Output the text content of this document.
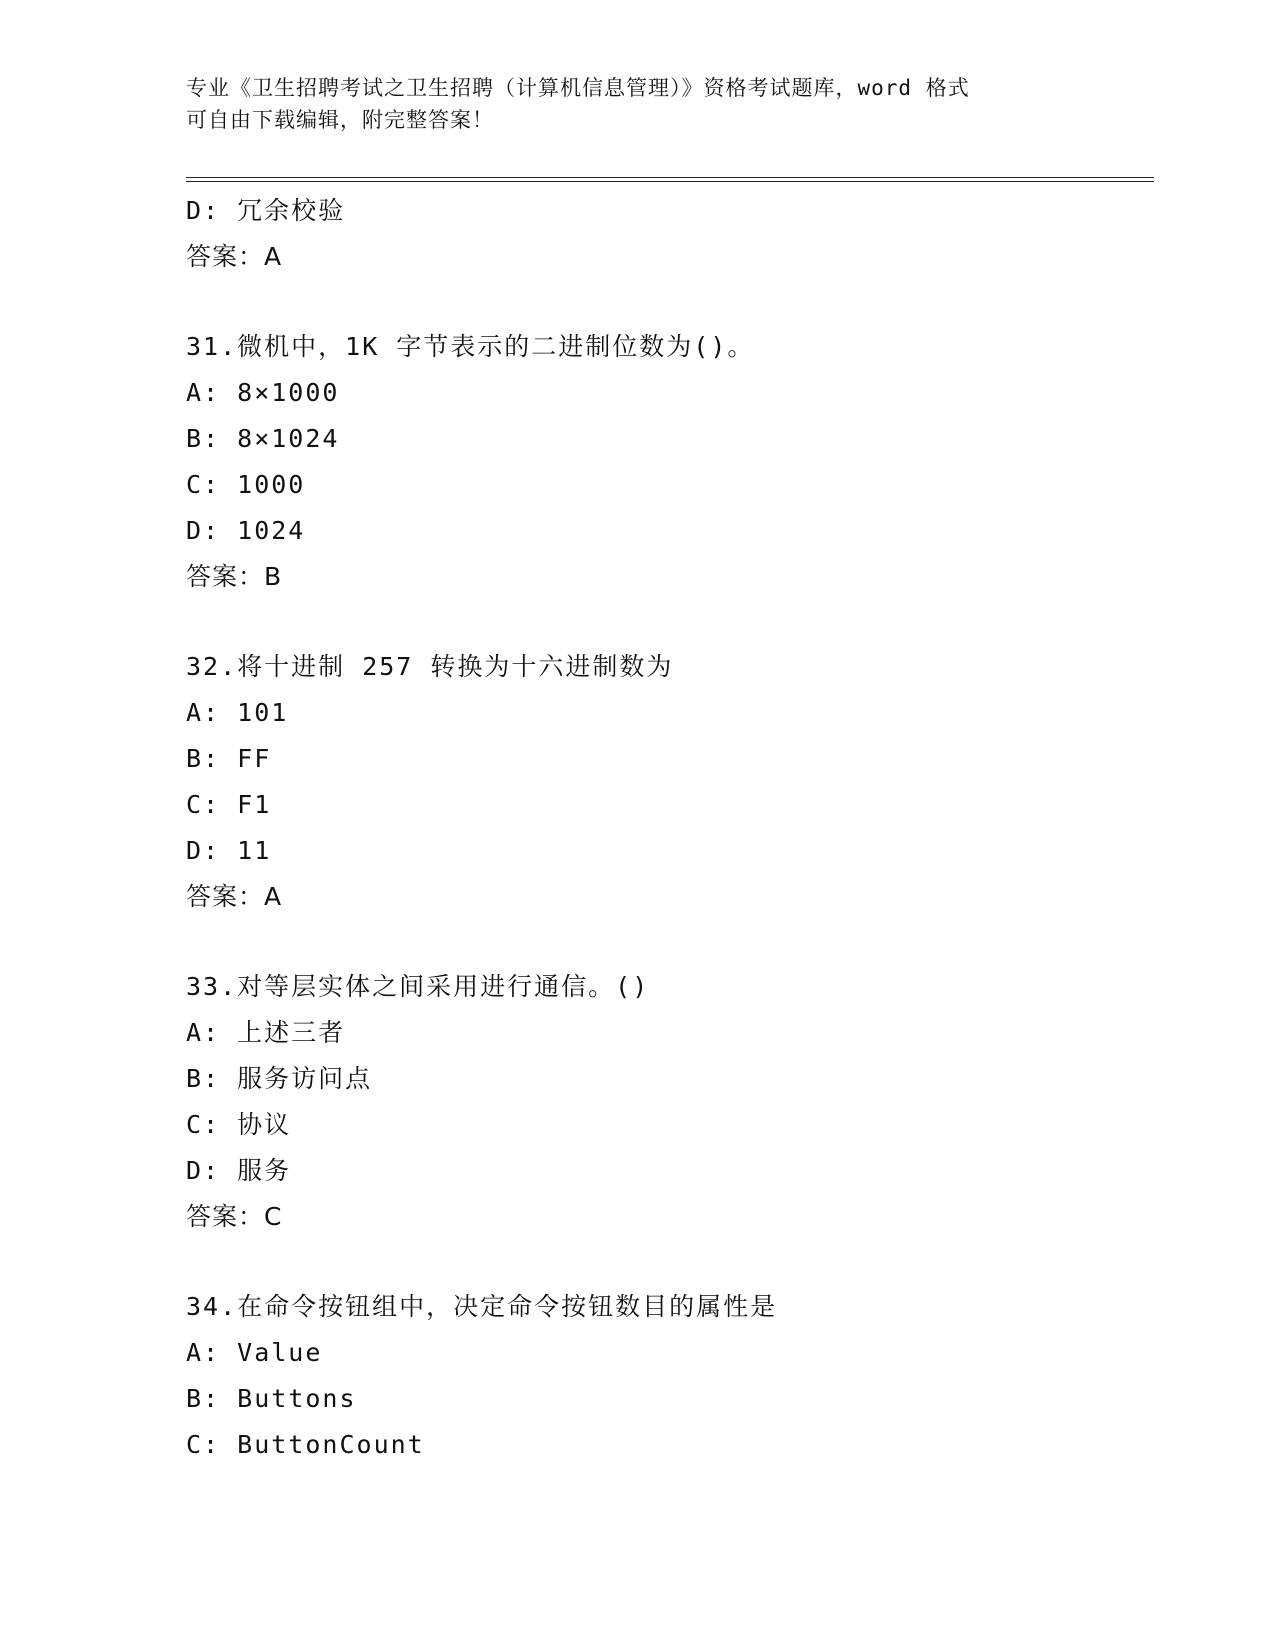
专业《卫生招聘考试之卫生招聘（计算机信息管理）》资格考试题库，word 格式
可自由下载编辑，附完整答案！
D: 冗余校验
答案：A
31.微机中，1K 字节表示的二进制位数为()。
A: 8×1000
B: 8×1024
C: 1000
D: 1024
答案：B
32.将十进制 257 转换为十六进制数为
A: 101
B: FF
C: F1
D: 11
答案：A
33.对等层实体之间采用进行通信。()
A: 上述三者
B: 服务访问点
C: 协议
D: 服务
答案：C
34.在命令按钮组中，决定命令按钮数目的属性是
A: Value
B: Buttons
C: ButtonCount
